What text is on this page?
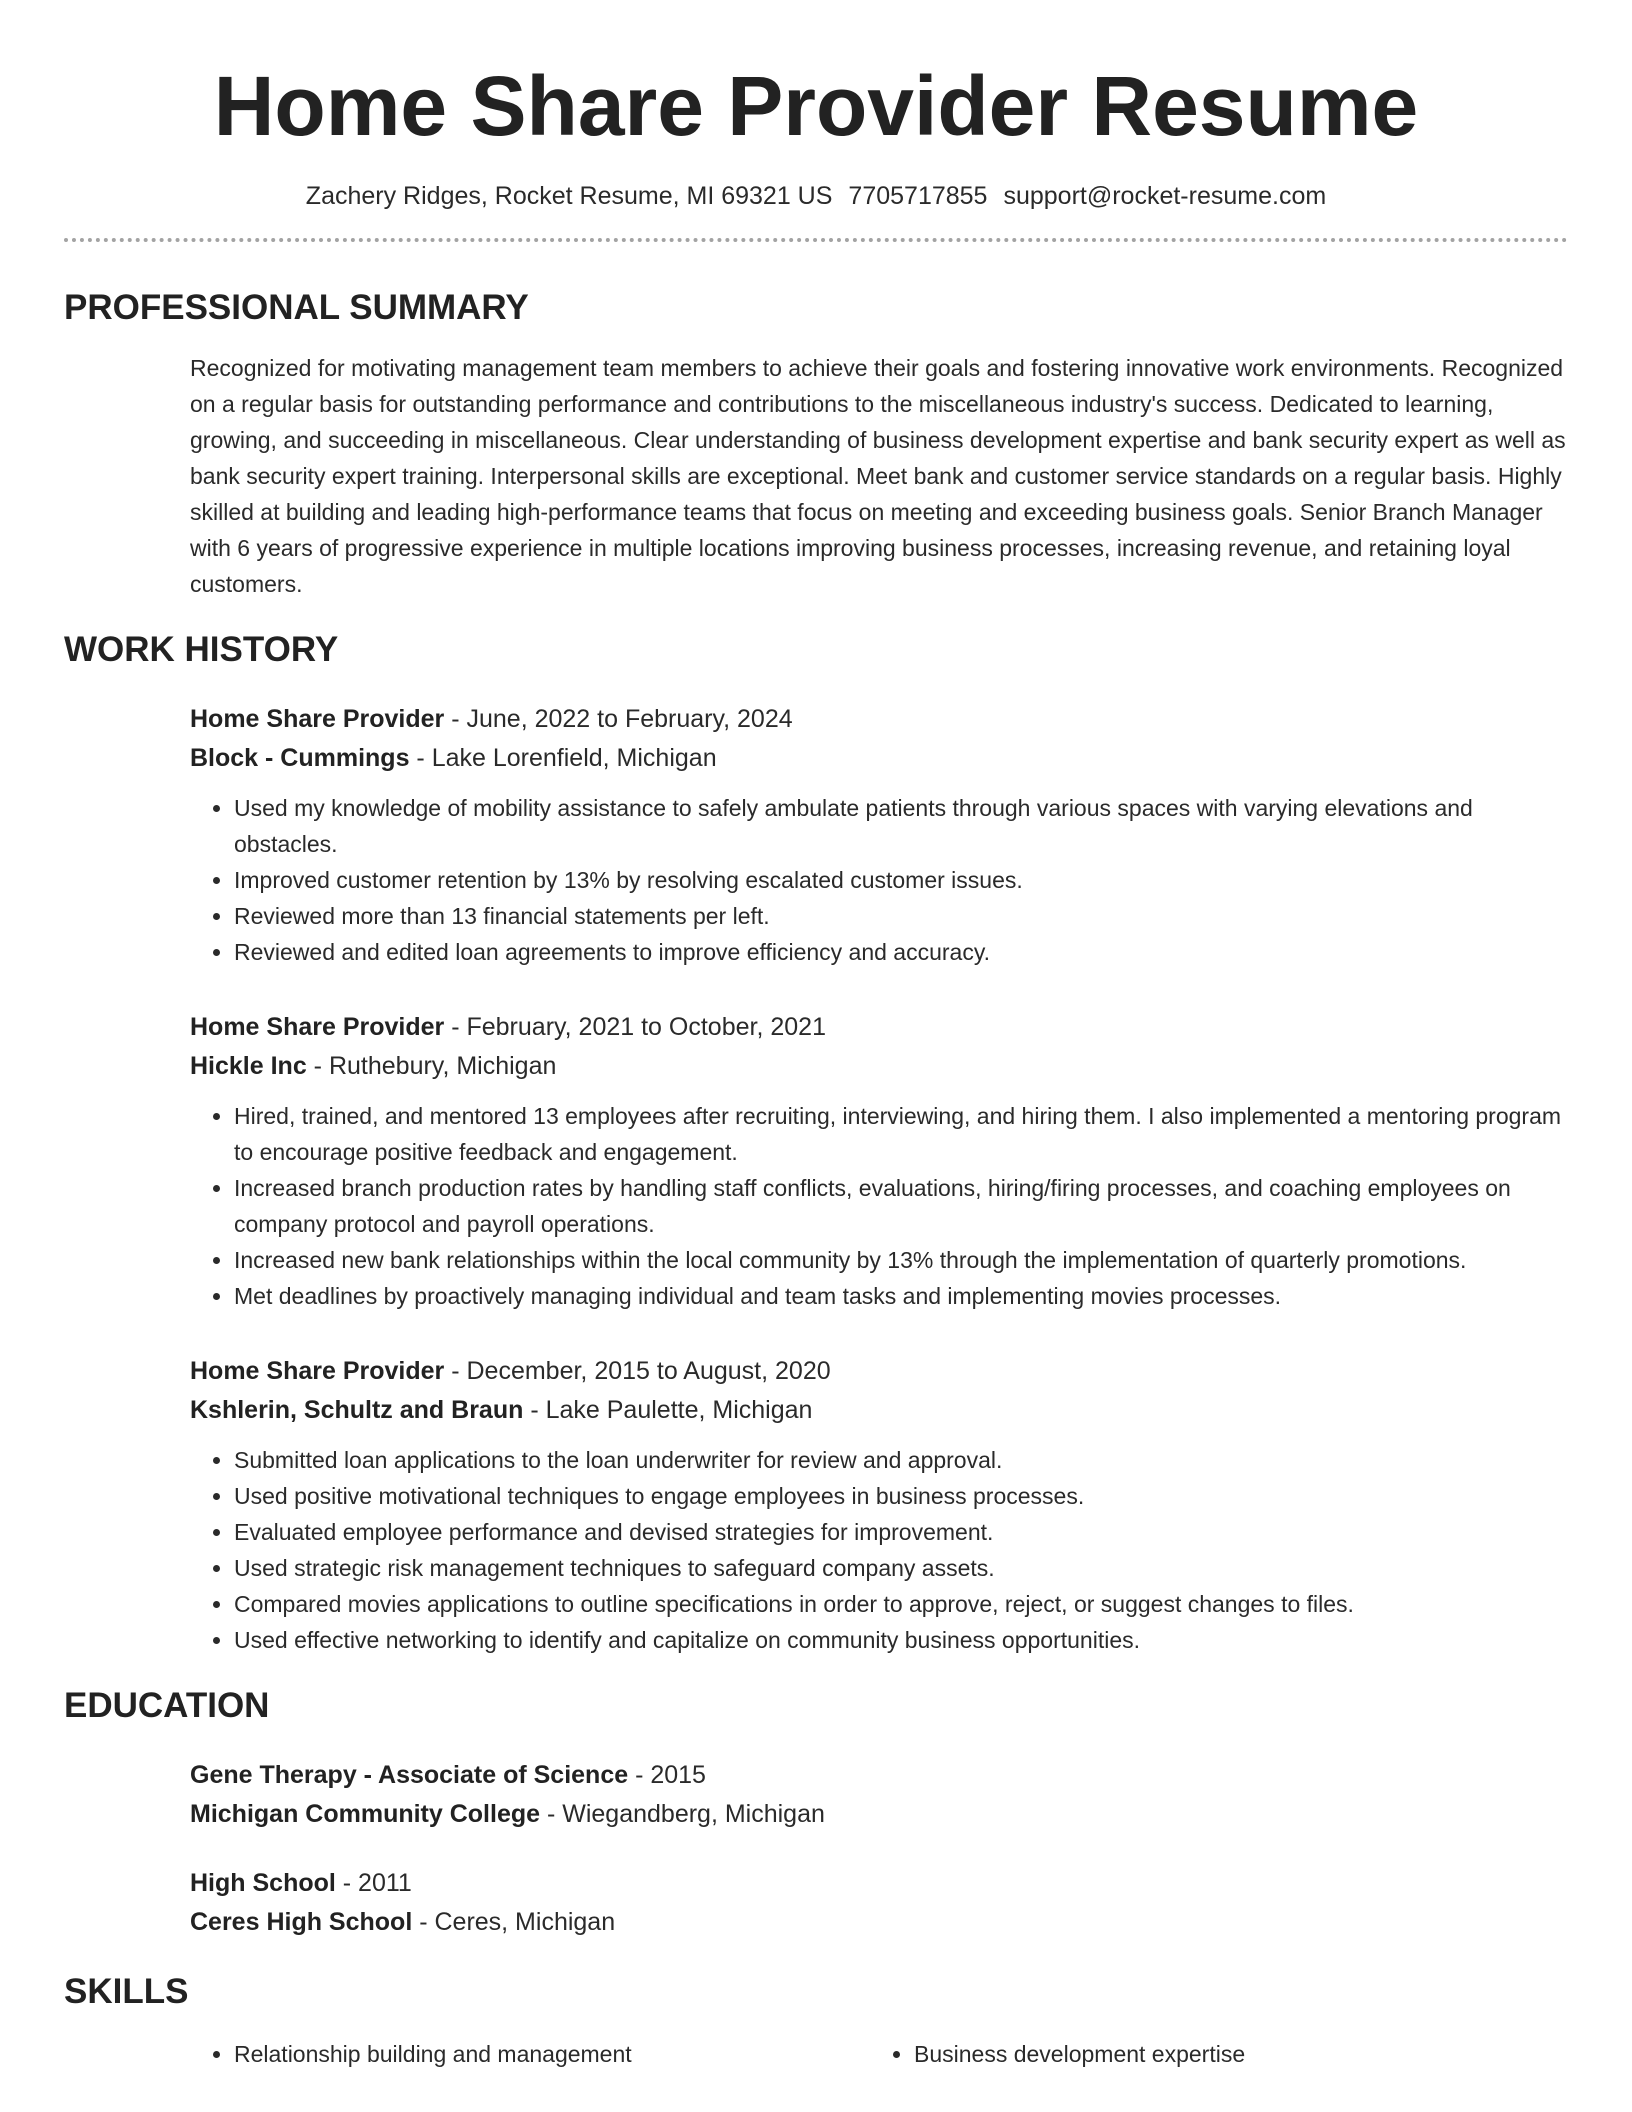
Home Share Provider Resume
Zachery Ridges, Rocket Resume, MI 69321 US 7705717855 support@rocket-resume.com
PROFESSIONAL SUMMARY
Recognized for motivating management team members to achieve their goals and fostering innovative work environments. Recognized on a regular basis for outstanding performance and contributions to the miscellaneous industry's success. Dedicated to learning, growing, and succeeding in miscellaneous. Clear understanding of business development expertise and bank security expert as well as bank security expert training. Interpersonal skills are exceptional. Meet bank and customer service standards on a regular basis. Highly skilled at building and leading high-performance teams that focus on meeting and exceeding business goals. Senior Branch Manager with 6 years of progressive experience in multiple locations improving business processes, increasing revenue, and retaining loyal customers.
WORK HISTORY
Home Share Provider - June, 2022 to February, 2024
Block - Cummings - Lake Lorenfield, Michigan
• Used my knowledge of mobility assistance to safely ambulate patients through various spaces with varying elevations and obstacles.
• Improved customer retention by 13% by resolving escalated customer issues.
• Reviewed more than 13 financial statements per left.
• Reviewed and edited loan agreements to improve efficiency and accuracy.
Home Share Provider - February, 2021 to October, 2021
Hickle Inc - Ruthebury, Michigan
• Hired, trained, and mentored 13 employees after recruiting, interviewing, and hiring them. I also implemented a mentoring program to encourage positive feedback and engagement.
• Increased branch production rates by handling staff conflicts, evaluations, hiring/firing processes, and coaching employees on company protocol and payroll operations.
• Increased new bank relationships within the local community by 13% through the implementation of quarterly promotions.
• Met deadlines by proactively managing individual and team tasks and implementing movies processes.
Home Share Provider - December, 2015 to August, 2020
Kshlerin, Schultz and Braun - Lake Paulette, Michigan
• Submitted loan applications to the loan underwriter for review and approval.
• Used positive motivational techniques to engage employees in business processes.
• Evaluated employee performance and devised strategies for improvement.
• Used strategic risk management techniques to safeguard company assets.
• Compared movies applications to outline specifications in order to approve, reject, or suggest changes to files.
• Used effective networking to identify and capitalize on community business opportunities.
EDUCATION
Gene Therapy - Associate of Science - 2015
Michigan Community College - Wiegandberg, Michigan
High School - 2011
Ceres High School - Ceres, Michigan
SKILLS
• Relationship building and management
•	Business development expertise
